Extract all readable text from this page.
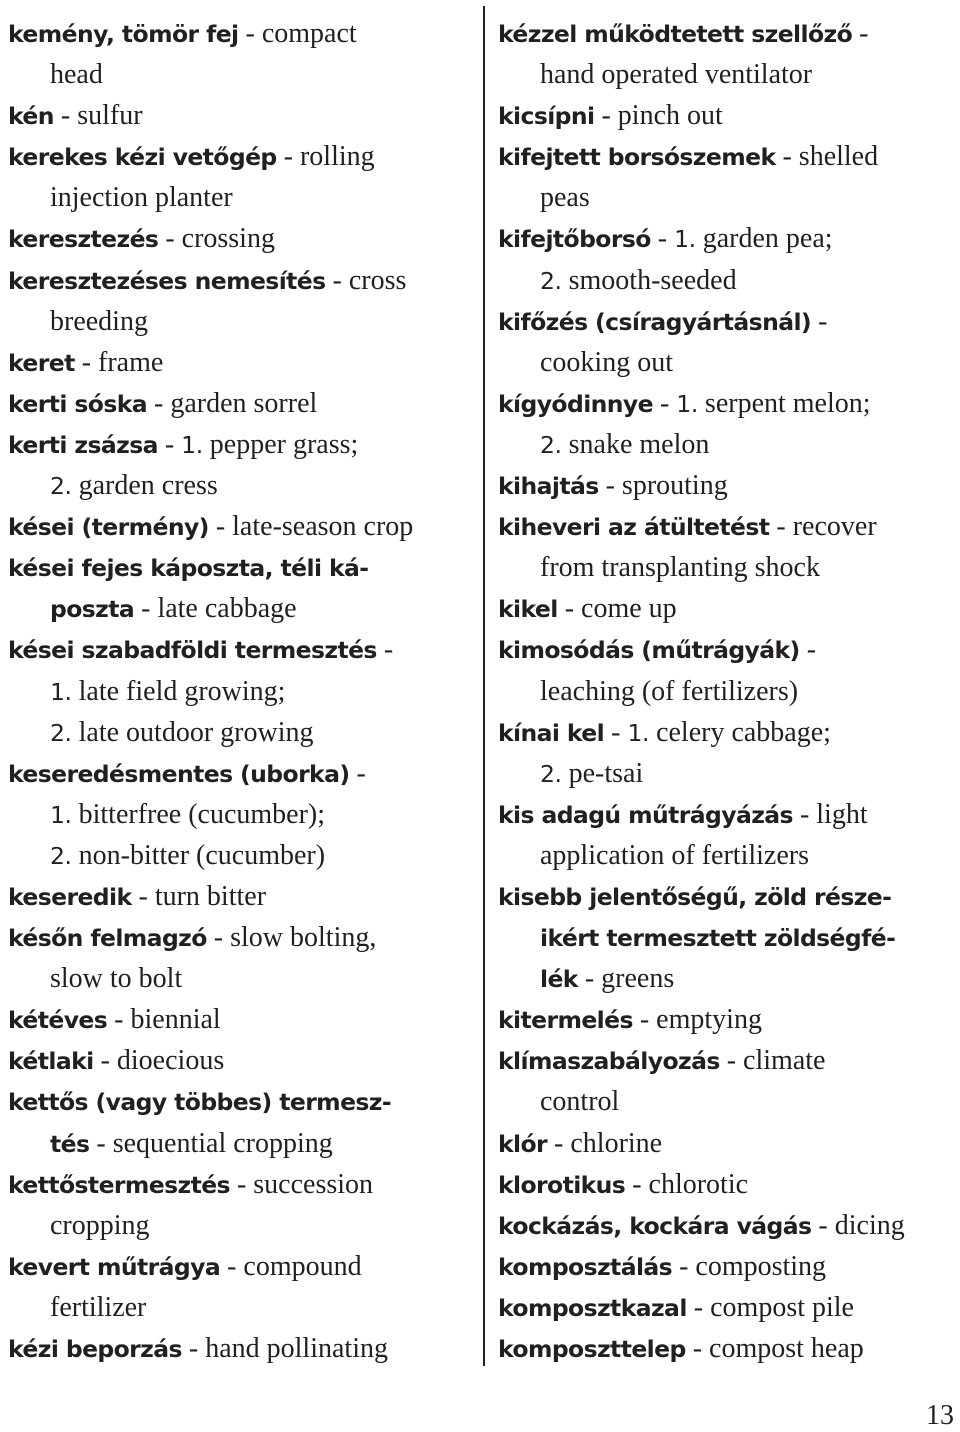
kemény, tömör fej - compact
head
kén - sulfur
kerekes kézi vetőgép - rolling
injection planter
keresztezés - crossing
keresztezéses nemesítés - cross
breeding
keret - frame
kerti sóska - garden sorrel
kerti zsázsa - 1. pepper grass;
2. garden cress
kései (termény) - late-season crop
kései fejes káposzta, téli ká-
poszta - late cabbage
kései szabadföldi termesztés -
1. late field growing;
2. late outdoor growing
keseredésmentes (uborka) -
1. bitterfree (cucumber);
2. non-bitter (cucumber)
keseredik - turn bitter
későn felmagzó - slow bolting,
slow to bolt
kétéves - biennial
kétlaki - dioecious
kettős (vagy többes) termesz-
tés - sequential cropping
kettőstermesztés - succession
cropping
kevert műtrágya - compound
fertilizer
kézi beporzás - hand pollinating
kézzel működtetett szellőző -
hand operated ventilator
kicsípni - pinch out
kifejtett borsószemek - shelled
peas
kifejtőborsó - 1. garden pea;
2. smooth-seeded
kifőzés (csíragyártásnál) -
cooking out
kígyódinnye - 1. serpent melon;
2. snake melon
kihajtás - sprouting
kiheveri az átültetést - recover
from transplanting shock
kikel - come up
kimosódás (műtrágyák) -
leaching (of fertilizers)
kínai kel - 1. celery cabbage;
2. pe-tsai
kis adagú műtrágyázás - light
application of fertilizers
kisebb jelentőségű, zöld része-
ikért termesztett zöldségfé-
lék - greens
kitermelés - emptying
klímaszabályozás - climate
control
klór - chlorine
klorotikus - chlorotic
kockázás, kockára vágás - dicing
komposztálás - composting
komposztkazal - compost pile
komposzttelep - compost heap
13
